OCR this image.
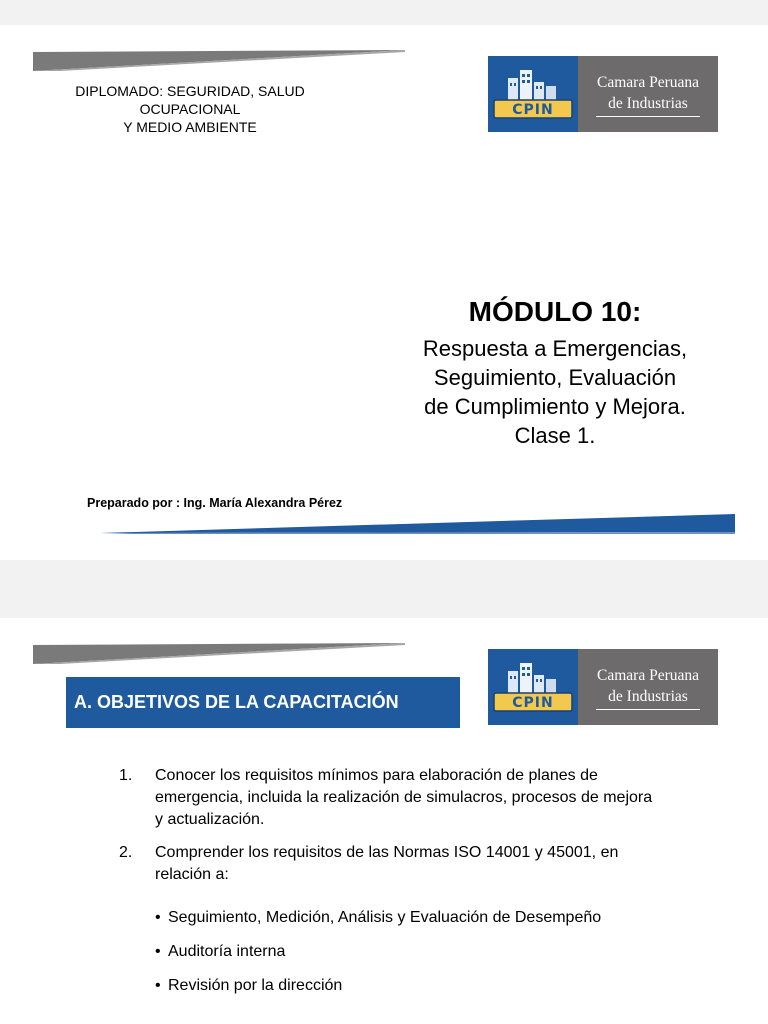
DIPLOMADO: SEGURIDAD, SALUD
OCUPACIONAL
Y MEDIO AMBIENTE
CPIN
Camara Peruana
de Industrias
MÓDULO 10:
Respuesta a Emergencias,
Seguimiento, Evaluación
de Cumplimiento y Mejora.
Clase 1.
Preparado por : Ing. María Alexandra Pérez
A. OBJETIVOS DE LA CAPACITACIÓN	CPIN
Camara Peruana
de Industrias
1. Conocer los requisitos mínimos para elaboración de planes de emergencia, incluida la realización de simulacros, procesos de mejora y actualización.
2. Comprender los requisitos de las Normas ISO 14001 y 45001, en relación a:
• Seguimiento, Medición, Análisis y Evaluación de Desempeño
• Auditoría interna
• Revisión por la dirección
